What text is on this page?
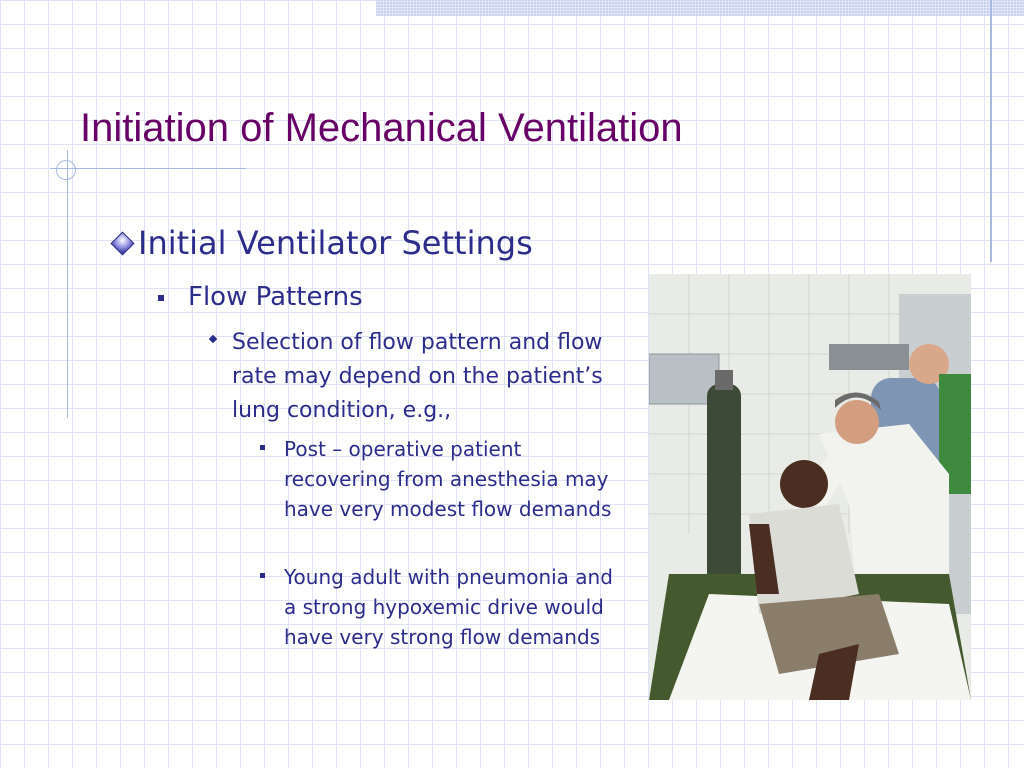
Initiation of Mechanical Ventilation
Initial Ventilator Settings
Flow Patterns
Selection of flow pattern and flow rate may depend on the patient’s lung condition, e.g.,
Post – operative patient recovering from anesthesia may have very modest flow demands
Young adult with pneumonia and a strong hypoxemic drive would have very strong flow demands
